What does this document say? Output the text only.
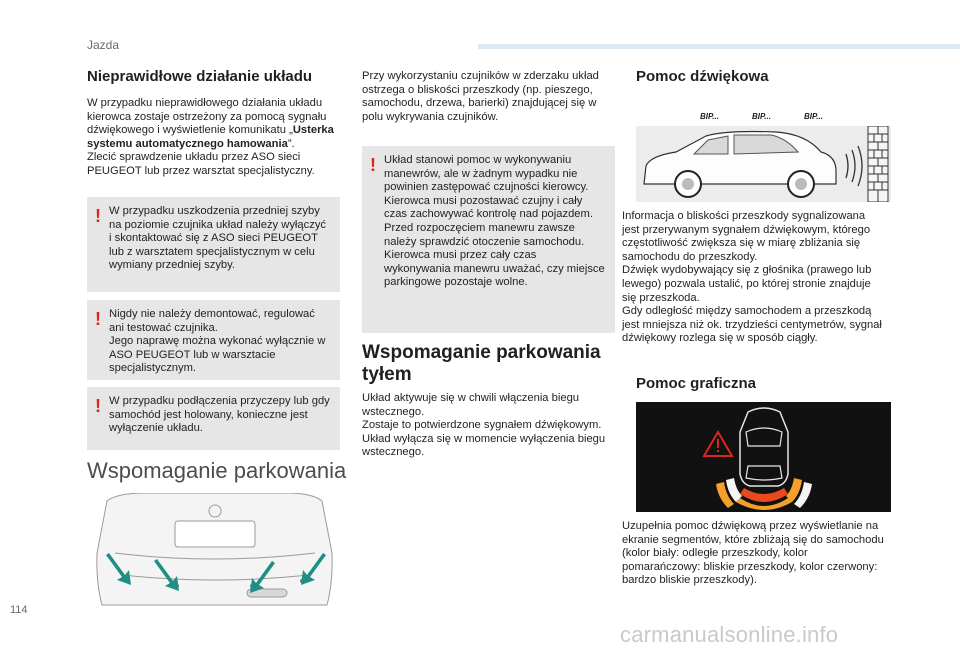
Jazda
114
carmanualsonline.info
Nieprawidłowe działanie układu
W przypadku nieprawidłowego działania układu kierowca zostaje ostrzeżony za pomocą sygnału dźwiękowego i wyświetlenie komunikatu „Usterka systemu automatycznego hamowania”.
Zlecić sprawdzenie układu przez ASO sieci PEUGEOT lub przez warsztat specjalistyczny.
! W przypadku uszkodzenia przedniej szyby na poziomie czujnika układ należy wyłączyć i skontaktować się z ASO sieci PEUGEOT lub z warsztatem specjalistycznym w celu wymiany przedniej szyby.
! Nigdy nie należy demontować, regulować ani testować czujnika.
Jego naprawę można wykonać wyłącznie w ASO PEUGEOT lub w warsztacie specjalistycznym.
! W przypadku podłączenia przyczepy lub gdy samochód jest holowany, konieczne jest wyłączenie układu.
Wspomaganie parkowania
Przy wykorzystaniu czujników w zderzaku układ ostrzega o bliskości przeszkody (np. pieszego, samochodu, drzewa, barierki) znajdującej się w polu wykrywania czujników.
! Układ stanowi pomoc w wykonywaniu manewrów, ale w żadnym wypadku nie powinien zastępować czujności kierowcy. Kierowca musi pozostawać czujny i cały czas zachowywać kontrolę nad pojazdem. Przed rozpoczęciem manewru zawsze należy sprawdzić otoczenie samochodu. Kierowca musi przez cały czas wykonywania manewru uważać, czy miejsce parkingowe pozostaje wolne.
Wspomaganie parkowania tyłem
Układ aktywuje się w chwili włączenia biegu wstecznego.
Zostaje to potwierdzone sygnałem dźwiękowym.
Układ wyłącza się w momencie wyłączenia biegu wstecznego.
Pomoc dźwiękowa
BIP...	BIP...	BIP...
Informacja o bliskości przeszkody sygnalizowana jest przerywanym sygnałem dźwiękowym, którego częstotliwość zwiększa się w miarę zbliżania się samochodu do przeszkody.
Dźwięk wydobywający się z głośnika (prawego lub lewego) pozwala ustalić, po której stronie znajduje się przeszkoda.
Gdy odległość między samochodem a przeszkodą jest mniejsza niż ok. trzydzieści centymetrów, sygnał dźwiękowy rozlega się w sposób ciągły.
Pomoc graficzna
Uzupełnia pomoc dźwiękową przez wyświetlanie na ekranie segmentów, które zbliżają się do samochodu (kolor biały: odległe przeszkody, kolor pomarańczowy: bliskie przeszkody, kolor czerwony: bardzo bliskie przeszkody).
